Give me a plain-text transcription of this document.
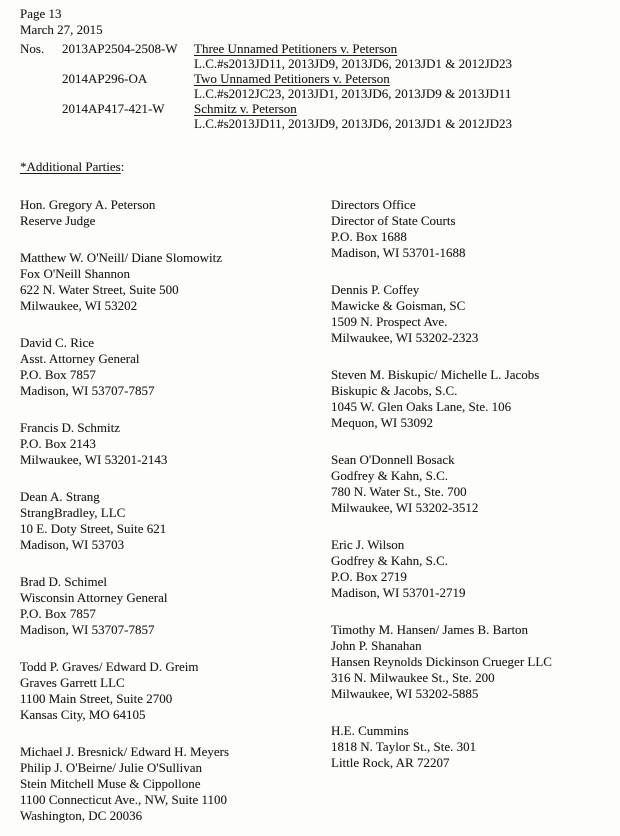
Page 13
March 27, 2015
Nos.	2013AP2504-2508-W	Three Unnamed Petitioners v. Peterson
L.C.#s2013JD11, 2013JD9, 2013JD6, 2013JD1 & 2012JD23
2014AP296-OA	Two Unnamed Petitioners v. Peterson
L.C.#s2012JC23, 2013JD1, 2013JD6, 2013JD9 & 2013JD11
2014AP417-421-W	Schmitz v. Peterson
L.C.#s2013JD11, 2013JD9, 2013JD6, 2013JD1 & 2012JD23
*Additional Parties:
Hon. Gregory A. Peterson
Reserve Judge
Matthew W. O'Neill/ Diane Slomowitz
Fox O'Neill Shannon
622 N. Water Street, Suite 500
Milwaukee, WI 53202
David C. Rice
Asst. Attorney General
P.O. Box 7857
Madison, WI 53707-7857
Francis D. Schmitz
P.O. Box 2143
Milwaukee, WI 53201-2143
Dean A. Strang
StrangBradley, LLC
10 E. Doty Street, Suite 621
Madison, WI 53703
Brad D. Schimel
Wisconsin Attorney General
P.O. Box 7857
Madison, WI 53707-7857
Todd P. Graves/ Edward D. Greim
Graves Garrett LLC
1100 Main Street, Suite 2700
Kansas City, MO 64105
Michael J. Bresnick/ Edward H. Meyers
Philip J. O'Beirne/ Julie O'Sullivan
Stein Mitchell Muse & Cippollone
1100 Connecticut Ave., NW, Suite 1100
Washington, DC 20036
Directors Office
Director of State Courts
P.O. Box 1688
Madison, WI 53701-1688
Dennis P. Coffey
Mawicke & Goisman, SC
1509 N. Prospect Ave.
Milwaukee, WI 53202-2323
Steven M. Biskupic/ Michelle L. Jacobs
Biskupic & Jacobs, S.C.
1045 W. Glen Oaks Lane, Ste. 106
Mequon, WI 53092
Sean O'Donnell Bosack
Godfrey & Kahn, S.C.
780 N. Water St., Ste. 700
Milwaukee, WI 53202-3512
Eric J. Wilson
Godfrey & Kahn, S.C.
P.O. Box 2719
Madison, WI 53701-2719
Timothy M. Hansen/ James B. Barton
John P. Shanahan
Hansen Reynolds Dickinson Crueger LLC
316 N. Milwaukee St., Ste. 200
Milwaukee, WI 53202-5885
H.E. Cummins
1818 N. Taylor St., Ste. 301
Little Rock, AR 72207
